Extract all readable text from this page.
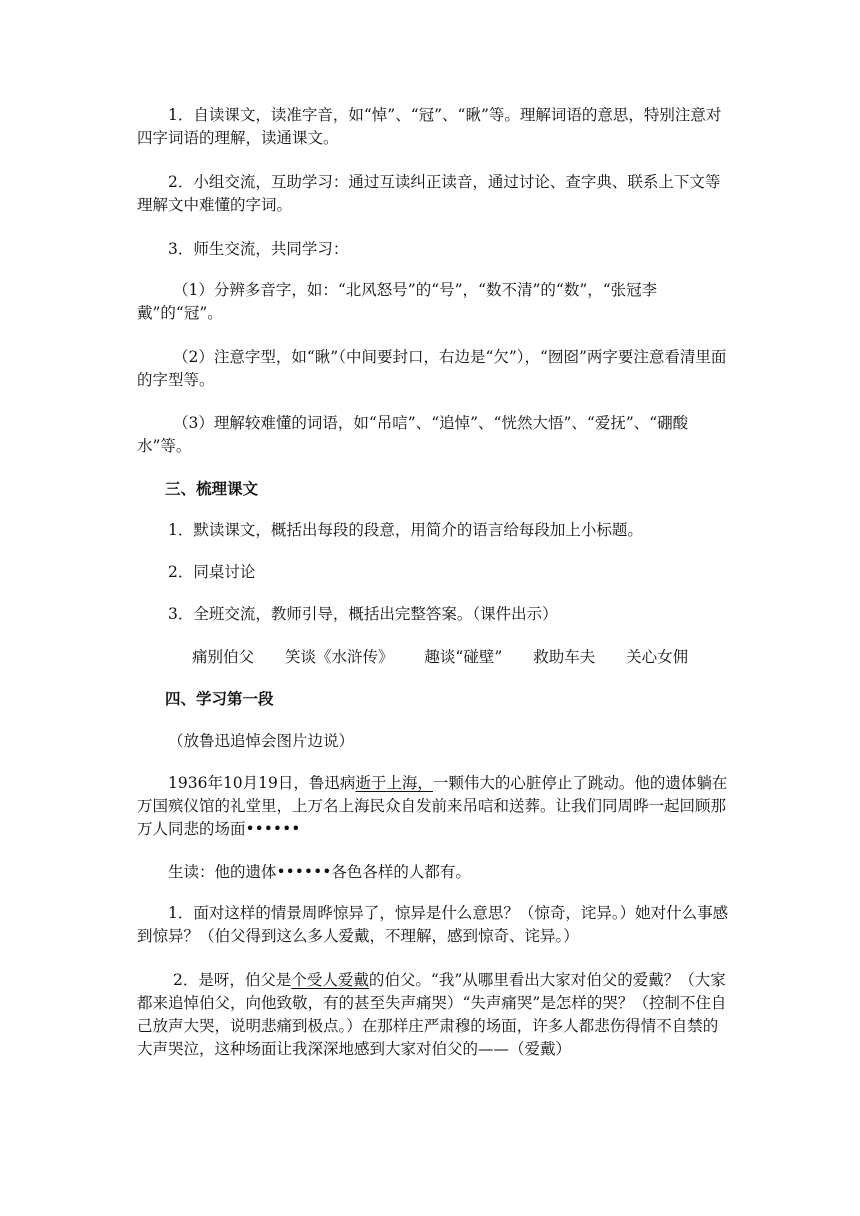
1．自读课文，读准字音，如“悼”、“冠”、“瞅”等。理解词语的意思，特别注意对四字词语的理解，读通课文。

2．小组交流，互助学习：通过互读纠正读音，通过讨论、查字典、联系上下文等理解文中难懂的字词。

3．师生交流，共同学习：

（1）分辨多音字，如：“北风怒号”的“号”，“数不清”的“数”，“张冠李戴”的“冠”。

（2）注意字型，如“瞅”（中间要封口，右边是“欠”），“囫囵”两字要注意看清里面的字型等。

（3）理解较难懂的词语，如“吊唁”、“追悼”、“恍然大悟”、“爱抚”、“硼酸水”等。

三、梳理课文

1．默读课文，概括出每段的段意，用简介的语言给每段加上小标题。

2．同桌讨论

3．全班交流，教师引导，概括出完整答案。（课件出示）

痛别伯父 笑谈《水浒传》 趣谈“碰壁” 救助车夫 关心女佣

四、学习第一段

（放鲁迅追悼会图片边说）

1936年10月19日，鲁迅病逝于上海，一颗伟大的心脏停止了跳动。他的遗体躺在万国殡仪馆的礼堂里，上万名上海民众自发前来吊唁和送葬。让我们同周晔一起回顾那万人同悲的场面••••••

生读：他的遗体••••••各色各样的人都有。

1．面对这样的情景周晔惊异了，惊异是什么意思？（惊奇，诧异。）她对什么事感到惊异？（伯父得到这么多人爱戴，不理解，感到惊奇、诧异。）

2．是呀，伯父是个受人爱戴的伯父。“我”从哪里看出大家对伯父的爱戴？（大家都来追悼伯父，向他致敬，有的甚至失声痛哭）“失声痛哭”是怎样的哭？（控制不住自己放声大哭，说明悲痛到极点。）在那样庄严肃穆的场面，许多人都悲伤得情不自禁的大声哭泣，这种场面让我深深地感到大家对伯父的——（爱戴）
